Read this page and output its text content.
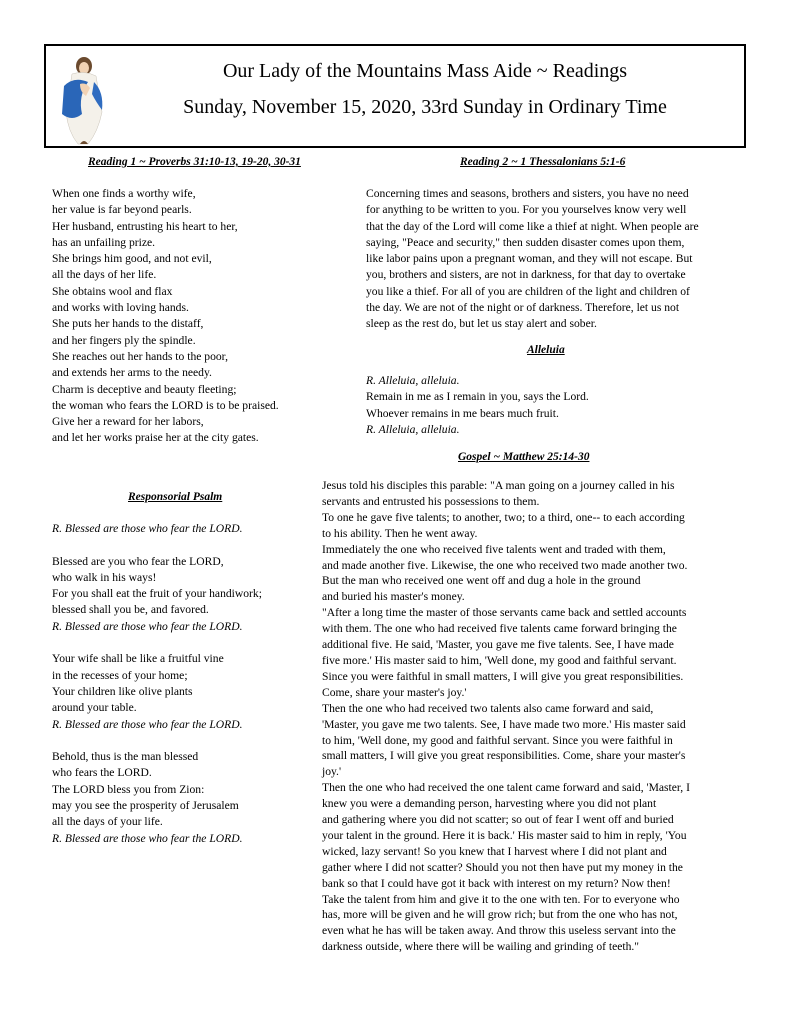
Our Lady of the Mountains Mass Aide ~ Readings
Sunday, November 15, 2020, 33rd Sunday in Ordinary Time
Reading 1 ~ Proverbs 31:10-13, 19-20, 30-31
When one finds a worthy wife,
her value is far beyond pearls.
Her husband, entrusting his heart to her,
has an unfailing prize.
She brings him good, and not evil,
all the days of her life.
She obtains wool and flax
and works with loving hands.
She puts her hands to the distaff,
and her fingers ply the spindle.
She reaches out her hands to the poor,
and extends her arms to the needy.
Charm is deceptive and beauty fleeting;
the woman who fears the LORD is to be praised.
Give her a reward for her labors,
and let her works praise her at the city gates.
Responsorial Psalm
R. Blessed are those who fear the LORD.
Blessed are you who fear the LORD,
who walk in his ways!
For you shall eat the fruit of your handiwork;
blessed shall you be, and favored.
R. Blessed are those who fear the LORD.
Your wife shall be like a fruitful vine
in the recesses of your home;
Your children like olive plants
around your table.
R. Blessed are those who fear the LORD.
Behold, thus is the man blessed
who fears the LORD.
The LORD bless you from Zion:
may you see the prosperity of Jerusalem
all the days of your life.
R. Blessed are those who fear the LORD.
Reading 2 ~ 1 Thessalonians 5:1-6
Concerning times and seasons, brothers and sisters, you have no need
for anything to be written to you. For you yourselves know very well
that the day of the Lord will come like a thief at night. When people are
saying, "Peace and security," then sudden disaster comes upon them,
like labor pains upon a pregnant woman, and they will not escape. But
you, brothers and sisters, are not in darkness, for that day to overtake
you like a thief. For all of you are children of the light and children of
the day. We are not of the night or of darkness. Therefore, let us not
sleep as the rest do, but let us stay alert and sober.
Alleluia
R. Alleluia, alleluia.
Remain in me as I remain in you, says the Lord.
Whoever remains in me bears much fruit.
R. Alleluia, alleluia.
Gospel ~ Matthew 25:14-30
Jesus told his disciples this parable: "A man going on a journey called in his
servants and entrusted his possessions to them.
To one he gave five talents; to another, two; to a third, one-- to each according
to his ability. Then he went away.
Immediately the one who received five talents went and traded with them,
and made another five. Likewise, the one who received two made another two.
But the man who received one went off and dug a hole in the ground
and buried his master's money.
"After a long time the master of those servants came back and settled accounts
with them. The one who had received five talents came forward bringing the
additional five. He said, 'Master, you gave me five talents. See, I have made
five more.' His master said to him, 'Well done, my good and faithful servant.
Since you were faithful in small matters, I will give you great responsibilities.
Come, share your master's joy.'
Then the one who had received two talents also came forward and said,
'Master, you gave me two talents. See, I have made two more.' His master said
to him, 'Well done, my good and faithful servant. Since you were faithful in
small matters, I will give you great responsibilities. Come, share your master's
joy.'
Then the one who had received the one talent came forward and said, 'Master, I
knew you were a demanding person, harvesting where you did not plant
and gathering where you did not scatter; so out of fear I went off and buried
your talent in the ground. Here it is back.' His master said to him in reply, 'You
wicked, lazy servant! So you knew that I harvest where I did not plant and
gather where I did not scatter? Should you not then have put my money in the
bank so that I could have got it back with interest on my return? Now then!
Take the talent from him and give it to the one with ten. For to everyone who
has, more will be given and he will grow rich; but from the one who has not,
even what he has will be taken away. And throw this useless servant into the
darkness outside, where there will be wailing and grinding of teeth."
